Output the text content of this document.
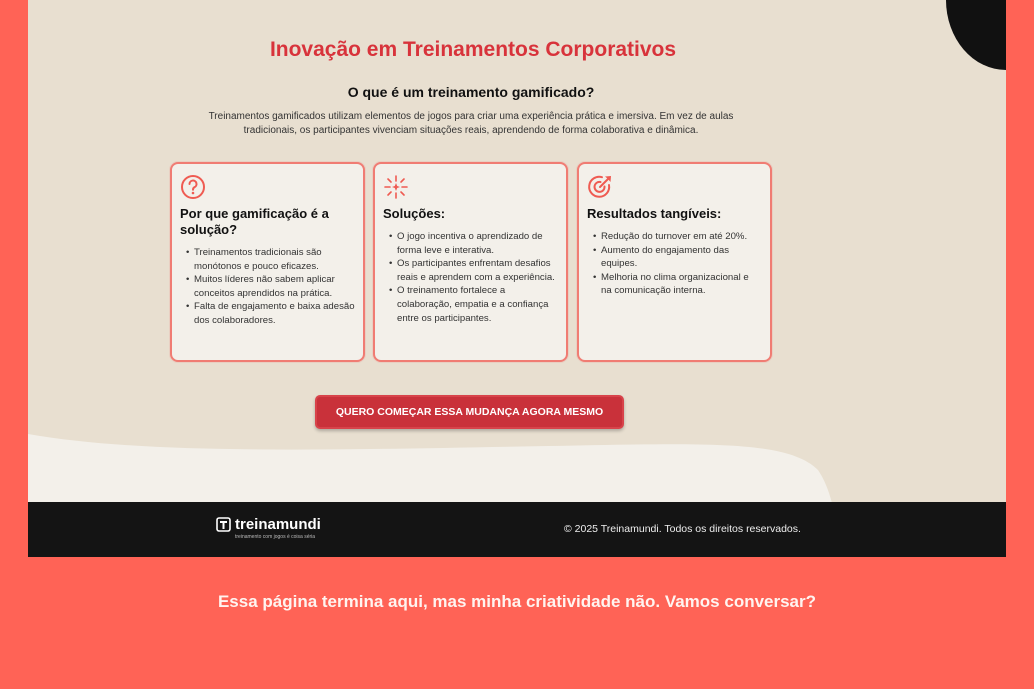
Inovação em Treinamentos Corporativos
O que é um treinamento gamificado?

Treinamentos gamificados utilizam elementos de jogos para criar uma experiência prática e imersiva. Em vez de aulas tradicionais, os participantes vivenciam situações reais, aprendendo de forma colaborativa e dinâmica.

Por que gamificação é a solução?
• Treinamentos tradicionais são monótonos e pouco eficazes.
• Muitos líderes não sabem aplicar conceitos aprendidos na prática.
• Falta de engajamento e baixa adesão dos colaboradores.
Soluções:
• O jogo incentiva o aprendizado de forma leve e interativa.
• Os participantes enfrentam desafios reais e aprendem com a experiência.
• O treinamento fortalece a colaboração, empatia e a confiança entre os participantes.
Resultados tangíveis:
• Redução do turnover em até 20%.
• Aumento do engajamento das equipes.
• Melhoria no clima organizacional e na comunicação interna.
QUERO COMEÇAR ESSA MUDANÇA AGORA MESMO
treinamundi
treinamento com jogos é coisa séria
© 2025 Treinamundi. Todos os direitos reservados.
Essa página termina aqui, mas minha criatividade não. Vamos conversar?
